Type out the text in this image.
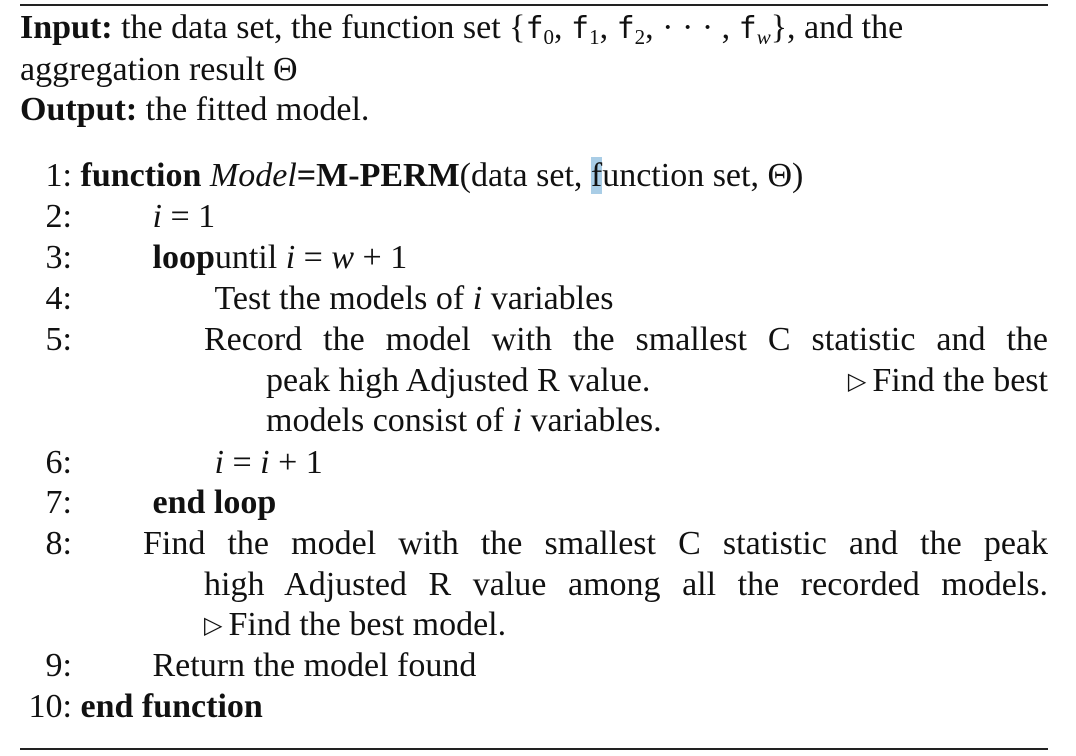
Input: the data set, the function set {$f_0$, $f_1$, $f_2$, · · · , $f_w$}, and the
aggregation result Θ
Output: the fitted model.
1: function Model=M-PERM(data set, function set, Θ)
2: i = 1
3: loopuntil i = w + 1
4:	Test the models of i variables
5:	Record the model with the smallest C statistic and the
peak high Adjusted R value.	▷ Find the best
models consist of i variables.
6:	i = i + 1
7: end loop
8:	Find the model with the smallest C statistic and the peak
high Adjusted R value among all the recorded models.
▷ Find the best model.
9: Return the model found
10: end function
